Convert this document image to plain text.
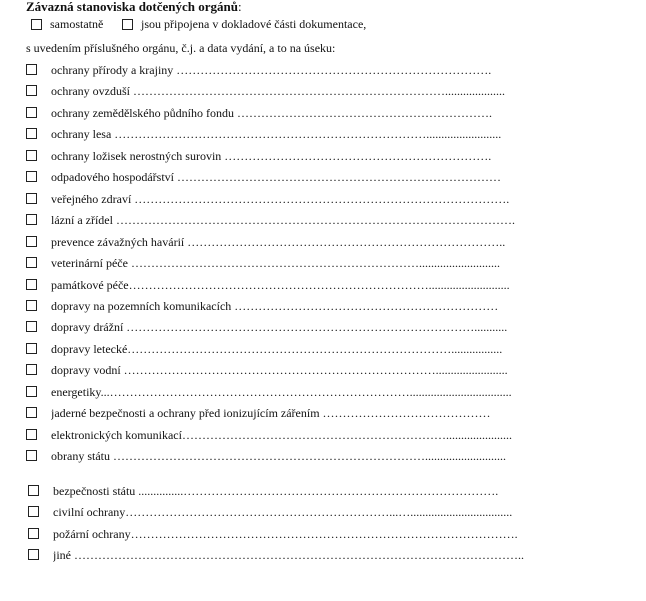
Závazná stanoviska dotčených orgánů:
samostatně	jsou připojena v dokladové části dokumentace,
s uvedením příslušného orgánu, č.j. a data vydání, a to na úseku:
ochrany přírody a krajiny …………………………………………………………………….
ochrany ovzduší ……………………………………………………………………....................
ochrany zemědělského půdního fondu ……………………………………………………….
ochrany lesa …………………………………………………………………….........................
ochrany ložisek nerostných surovin ………………………………………………………….
odpadového hospodářství ………………………………………………………………………
veřejného zdraví ………………………………………………………………………………….
lázní a zřídel ……………………………………………………………………………………….
prevence závažných havárií ……………………………………………………………………..
veterinární péče ………………………………………………………………...........................
památkové péče…………………………………………………………………...........................
dopravy na pozemních komunikacích …………………………………………………………
dopravy drážní ……………………………………………………………………………...........
dopravy letecké……………………………………………………………………….................
dopravy vodní ……………………………………………………………………........................
energetiky...…………………………………………………………………..................................
jaderné bezpečnosti a ochrany před ionizujícím zářením ……………………………………
elektronických komunikací…………………………………………………………......................
obrany státu ……………………………………………………………………...........................
bezpečnosti státu ...............…………………………………………………………………….
civilní ochrany…………………………………………………………...…..................................
požární ochrany…………………………………………………………………………………….
jiné …………………………………………………………………………………………………..
